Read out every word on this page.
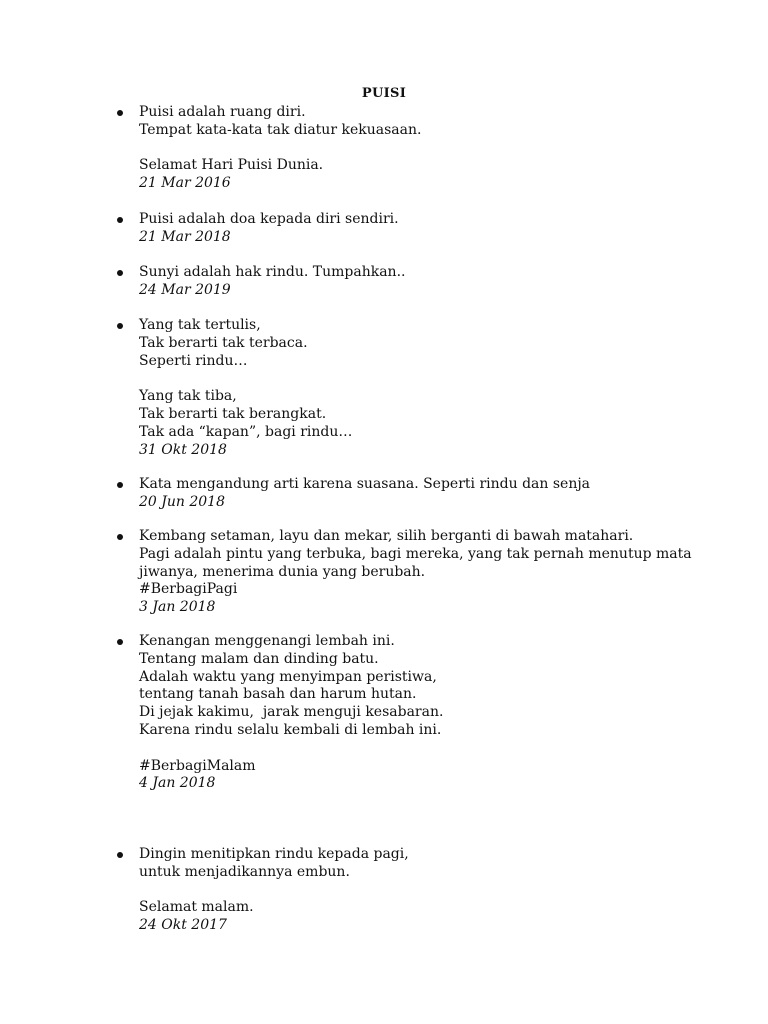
PUISI
Puisi adalah ruang diri.
Tempat kata-kata tak diatur kekuasaan.
Selamat Hari Puisi Dunia.
21 Mar 2016
Puisi adalah doa kepada diri sendiri.
21 Mar 2018
Sunyi adalah hak rindu. Tumpahkan..
24 Mar 2019
Yang tak tertulis,
Tak berarti tak terbaca.
Seperti rindu…
Yang tak tiba,
Tak berarti tak berangkat.
Tak ada “kapan”, bagi rindu…
31 Okt 2018
Kata mengandung arti karena suasana. Seperti rindu dan senja
20 Jun 2018
Kembang setaman, layu dan mekar, silih berganti di bawah matahari.
Pagi adalah pintu yang terbuka, bagi mereka, yang tak pernah menutup mata
jiwanya, menerima dunia yang berubah.
#BerbagiPagi
3 Jan 2018
Kenangan menggenangi lembah ini.
Tentang malam dan dinding batu.
Adalah waktu yang menyimpan peristiwa,
tentang tanah basah dan harum hutan.
Di jejak kakimu,  jarak menguji kesabaran.
Karena rindu selalu kembali di lembah ini.
#BerbagiMalam
4 Jan 2018
Dingin menitipkan rindu kepada pagi,
untuk menjadikannya embun.
Selamat malam.
24 Okt 2017
